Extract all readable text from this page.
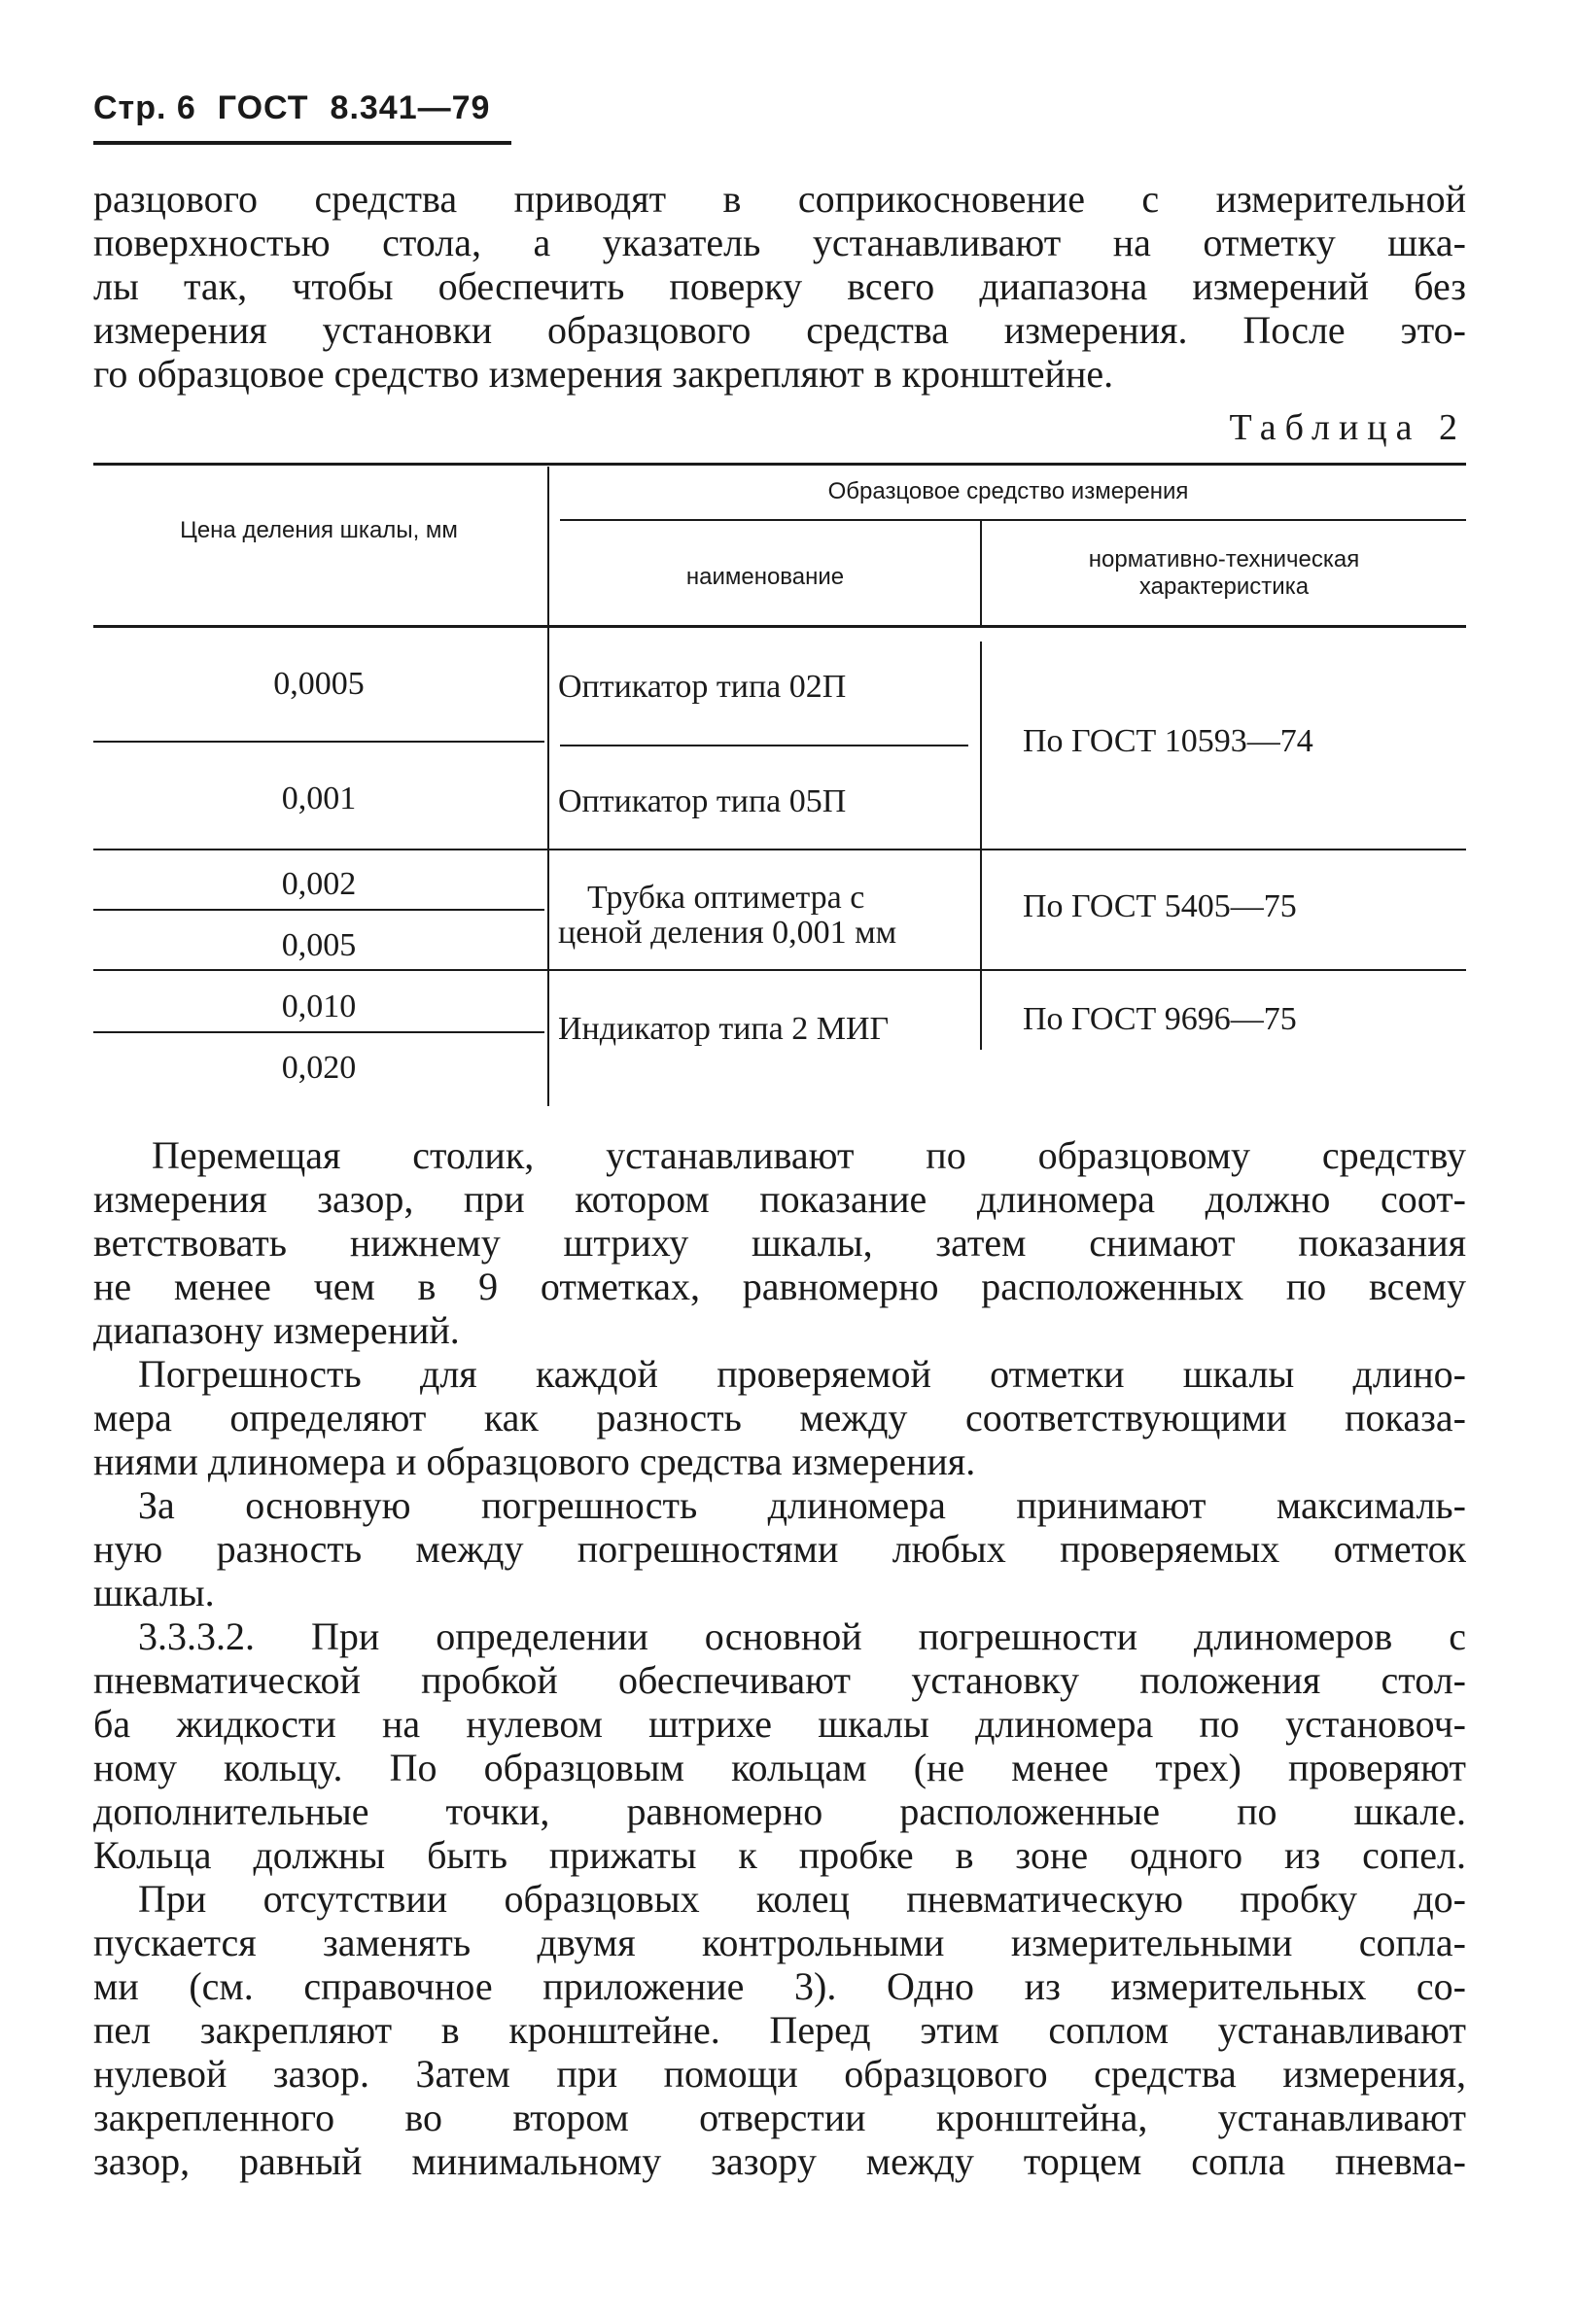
Стр. 6 ГОСТ 8.341—79
разцового средства приводят в соприкосновение с измерительной
поверхностью стола, а указатель устанавливают на отметку шка-
лы так, чтобы обеспечить поверку всего диапазона измерений без
измерения установки образцового средства измерения. После это-
го образцовое средство измерения закрепляют в кронштейне.
Таблица 2
Цена деления шкалы, мм
Образцовое средство измерения
наименование
нормативно-техническая
характеристика
0,0005
0,001
0,002
0,005
0,010
0,020
Оптикатор типа 02П
Оптикатор типа 05П
Трубка оптиметра с
ценой деления 0,001 мм
Индикатор типа 2 МИГ
По ГОСТ 10593—74
По ГОСТ 5405—75
По ГОСТ 9696—75
Перемещая столик, устанавливают по образцовому средству
измерения зазор, при котором показание длиномера должно соот-
ветствовать нижнему штриху шкалы, затем снимают показания
не менее чем в 9 отметках, равномерно расположенных по всему
диапазону измерений.
Погрешность для каждой проверяемой отметки шкалы длино-
мера определяют как разность между соответствующими показа-
ниями длиномера и образцового средства измерения.
За основную погрешность длиномера принимают максималь-
ную разность между погрешностями любых проверяемых отметок
шкалы.
3.3.3.2. При определении основной погрешности длиномеров с
пневматической пробкой обеспечивают установку положения стол-
ба жидкости на нулевом штрихе шкалы длиномера по установоч-
ному кольцу. По образцовым кольцам (не менее трех) проверяют
дополнительные точки, равномерно расположенные по шкале.
Кольца должны быть прижаты к пробке в зоне одного из сопел.
При отсутствии образцовых колец пневматическую пробку до-
пускается заменять двумя контрольными измерительными сопла-
ми (см. справочное приложение 3). Одно из измерительных со-
пел закрепляют в кронштейне. Перед этим соплом устанавливают
нулевой зазор. Затем при помощи образцового средства измерения,
закрепленного во втором отверстии кронштейна, устанавливают
зазор, равный минимальному зазору между торцем сопла пневма-
